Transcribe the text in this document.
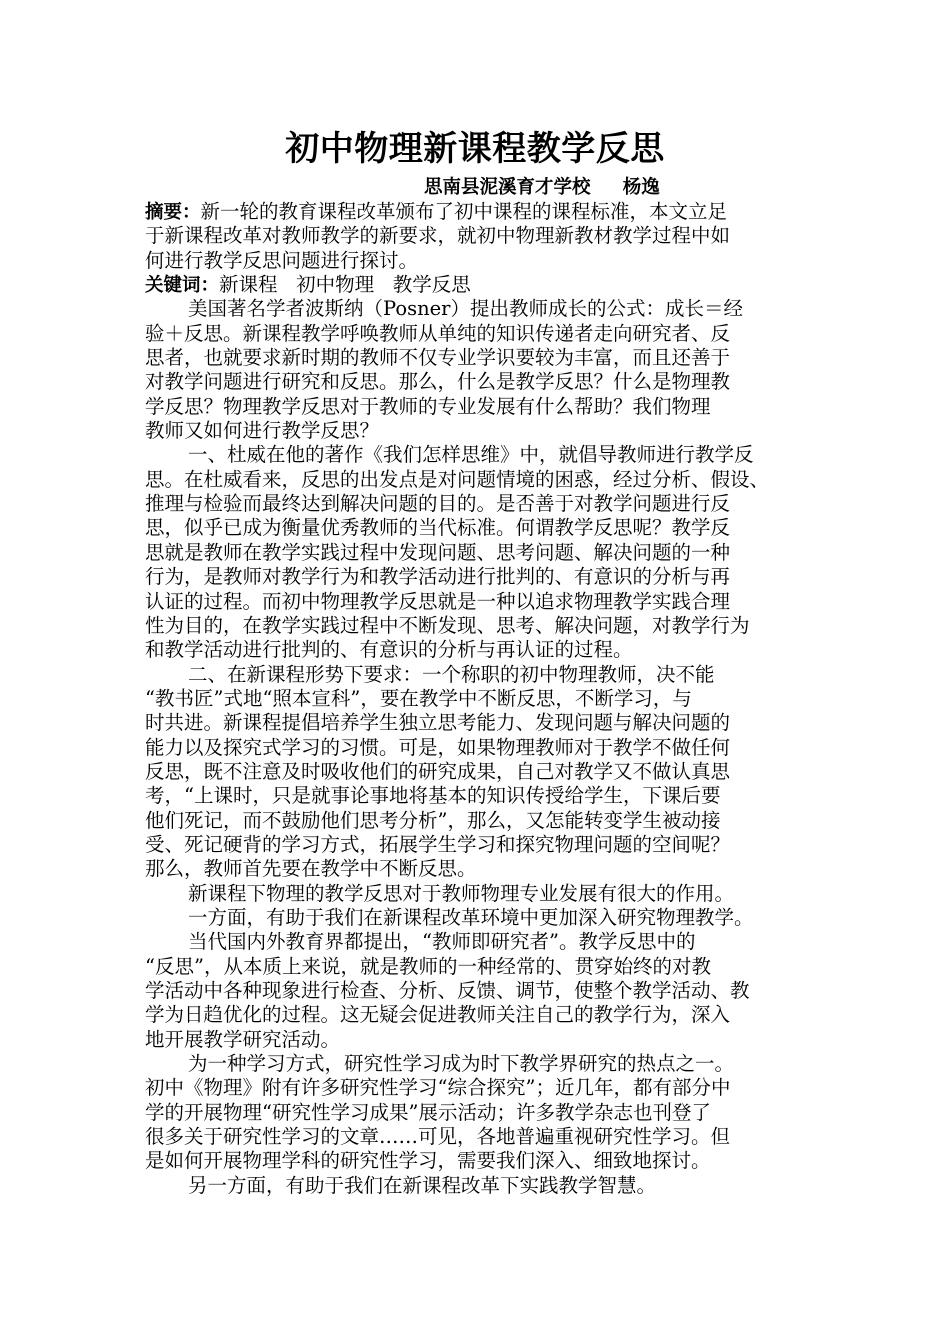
初中物理新课程教学反思
思南县泥溪育才学校     杨逸
摘要：新一轮的教育课程改革颁布了初中课程的课程标准，本文立足
于新课程改革对教师教学的新要求，就初中物理新教材教学过程中如
何进行教学反思问题进行探讨。
关键词：新课程   初中物理   教学反思
美国著名学者波斯纳（Posner）提出教师成长的公式：成长＝经
验＋反思。新课程教学呼唤教师从单纯的知识传递者走向研究者、反
思者，也就要求新时期的教师不仅专业学识要较为丰富，而且还善于
对教学问题进行研究和反思。那么，什么是教学反思？什么是物理教
学反思？物理教学反思对于教师的专业发展有什么帮助？我们物理
教师又如何进行教学反思？
一、杜威在他的著作《我们怎样思维》中，就倡导教师进行教学反
思。在杜威看来，反思的出发点是对问题情境的困惑，经过分析、假设、
推理与检验而最终达到解决问题的目的。是否善于对教学问题进行反
思，似乎已成为衡量优秀教师的当代标准。何谓教学反思呢？教学反
思就是教师在教学实践过程中发现问题、思考问题、解决问题的一种
行为，是教师对教学行为和教学活动进行批判的、有意识的分析与再
认证的过程。而初中物理教学反思就是一种以追求物理教学实践合理
性为目的，在教学实践过程中不断发现、思考、解决问题，对教学行为
和教学活动进行批判的、有意识的分析与再认证的过程。
二、在新课程形势下要求：一个称职的初中物理教师，决不能
“教书匠”式地“照本宣科”，要在教学中不断反思，不断学习，与
时共进。新课程提倡培养学生独立思考能力、发现问题与解决问题的
能力以及探究式学习的习惯。可是，如果物理教师对于教学不做任何
反思，既不注意及时吸收他们的研究成果，自己对教学又不做认真思
考，“上课时，只是就事论事地将基本的知识传授给学生，下课后要
他们死记，而不鼓励他们思考分析”，那么，又怎能转变学生被动接
受、死记硬背的学习方式，拓展学生学习和探究物理问题的空间呢？
那么，教师首先要在教学中不断反思。
新课程下物理的教学反思对于教师物理专业发展有很大的作用。
一方面，有助于我们在新课程改革环境中更加深入研究物理教学。
当代国内外教育界都提出，“教师即研究者”。教学反思中的
“反思”，从本质上来说，就是教师的一种经常的、贯穿始终的对教
学活动中各种现象进行检查、分析、反馈、调节，使整个教学活动、教
学为日趋优化的过程。这无疑会促进教师关注自己的教学行为，深入
地开展教学研究活动。
为一种学习方式，研究性学习成为时下教学界研究的热点之一。
初中《物理》附有许多研究性学习“综合探究”；近几年，都有部分中
学的开展物理“研究性学习成果”展示活动；许多教学杂志也刊登了
很多关于研究性学习的文章……可见，各地普遍重视研究性学习。但
是如何开展物理学科的研究性学习，需要我们深入、细致地探讨。
另一方面，有助于我们在新课程改革下实践教学智慧。
